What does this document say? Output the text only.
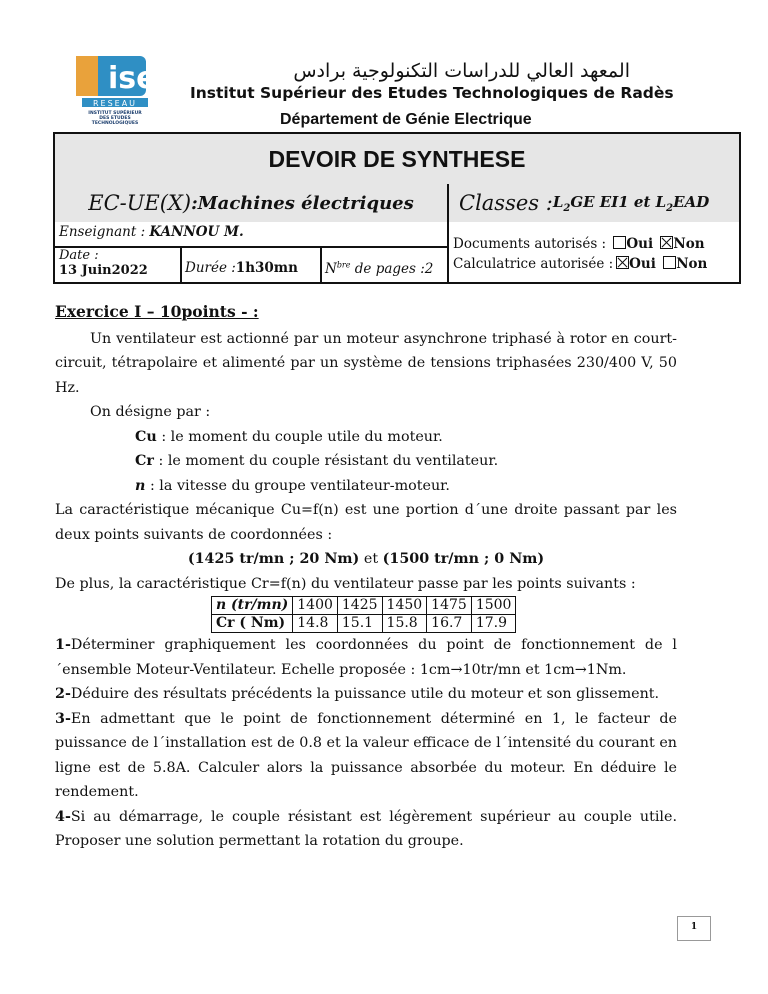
iset
RESEAU
INSTITUT SUPÉRIEUR
DES ETUDES
TECHNOLOGIQUES
المعهد العالي للدراسات التكنولوجية برادس
Institut Supérieur des Etudes Technologiques de Radès
Département de Génie Electrique
DEVOIR DE SYNTHESE
EC-UE(X) :Machines électriques Classes : $L_2GE$ EI1 et $L_2EAD$
Enseignant : KANNOU M.
Date :
13 Juin2022	Durée :1h30mn $N^{bre}$ de pages :2
Documents autorisés : Oui Non
Calculatrice autorisée : Oui Non
Exercice I – 10points - :
Un ventilateur est actionné par un moteur asynchrone triphasé à rotor en court-circuit, tétrapolaire et alimenté par un système de tensions triphasées 230/400 V, 50 Hz.
On désigne par :
Cu : le moment du couple utile du moteur.
Cr : le moment du couple résistant du ventilateur.
n : la vitesse du groupe ventilateur-moteur.
La caractéristique mécanique Cu=f(n) est une portion d´une droite passant par les deux points suivants de coordonnées :
(1425 tr/mn ; 20 Nm) et (1500 tr/mn ; 0 Nm)
De plus, la caractéristique Cr=f(n) du ventilateur passe par les points suivants :
n (tr/mn)	1400	1425	1450	1475	1500
Cr ( Nm)	14.8	15.1	15.8	16.7	17.9
1-Déterminer graphiquement les coordonnées du point de fonctionnement de l´ensemble Moteur-Ventilateur. Echelle proposée : 1cm→10tr/mn et 1cm→1Nm.
2-Déduire des résultats précédents la puissance utile du moteur et son glissement.
3-En admettant que le point de fonctionnement déterminé en 1, le facteur de puissance de l´installation est de 0.8 et la valeur efficace de l´intensité du courant en ligne est de 5.8A. Calculer alors la puissance absorbée du moteur. En déduire le rendement.
4-Si au démarrage, le couple résistant est légèrement supérieur au couple utile. Proposer une solution permettant la rotation du groupe.
1
